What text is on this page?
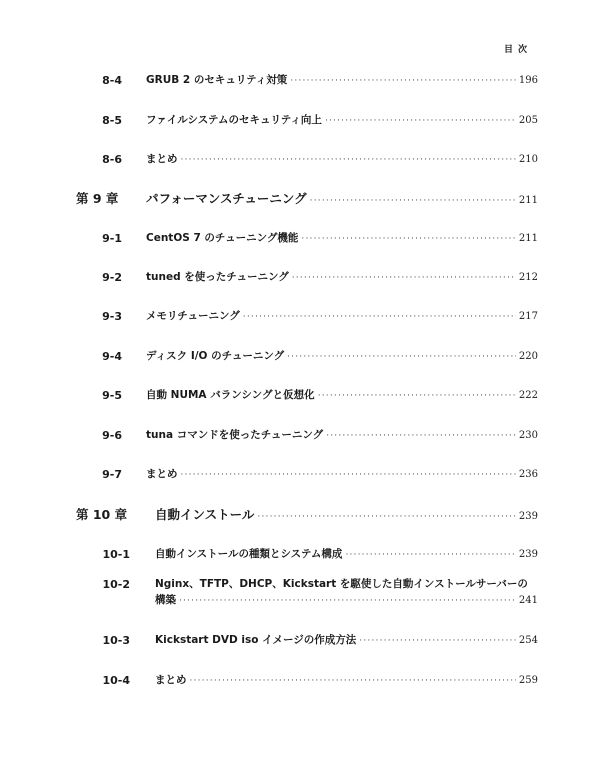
目次
8-4 GRUB 2 のセキュリティ対策 ·····	196
8-5 ファイルシステムのセキュリティ向上 ·····	205
8-6 まとめ ·····	210
第 9 章	パフォーマンスチューニング ·····	211
9-1 CentOS 7 のチューニング機能 ·····	211
9-2 tuned を使ったチューニング ·····	212
9-3 メモリチューニング ·····	217
9-4 ディスク I/O のチューニング ·····	220
9-5 自動 NUMA バランシングと仮想化 ·····	222
9-6 tuna コマンドを使ったチューニング ·····	230
9-7 まとめ ·····	236
第 10 章	自動インストール ·····	239
10-1 自動インストールの種類とシステム構成 ·····	239
10-2 Nginx、TFTP、DHCP、Kickstart を駆使した自動インストールサーバーの
構築 ·····	241
10-3 Kickstart DVD iso イメージの作成方法 ·····	254
10-4 まとめ ·····	259
